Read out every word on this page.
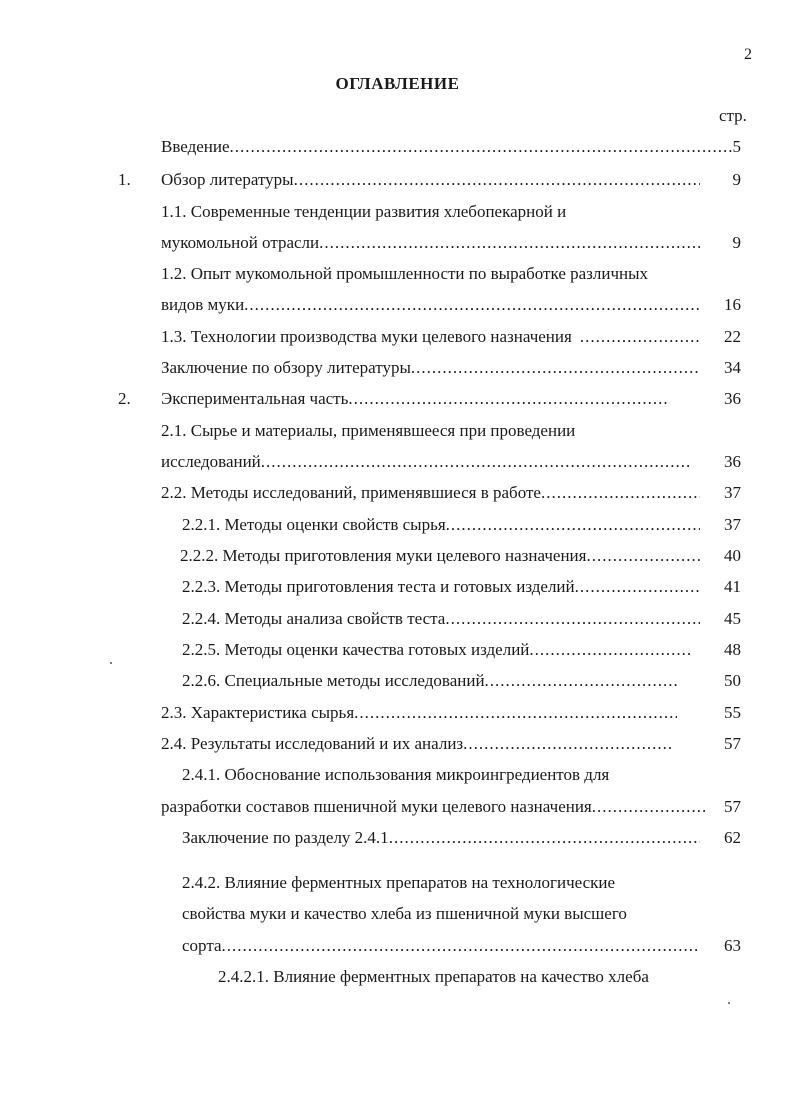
2
ОГЛАВЛЕНИЕ
стр.
Введение .....	5
1. Обзор литературы .....	9
1.1. Современные тенденции развития хлебопекарной и
мукомольной отрасли .....	9
1.2. Опыт мукомольной промышленности по выработке различных
видов муки .....	16
1.3. Технологии производства муки целевого назначения .....	22
Заключение по обзору литературы .....	34
2. Экспериментальная часть .....	36
2.1. Сырье и материалы, применявшееся при проведении
исследований .....	36
2.2. Методы исследований, применявшиеся в работе .....	37
2.2.1. Методы оценки свойств сырья .....	37
2.2.2. Методы приготовления муки целевого назначения .....	40
2.2.3. Методы приготовления теста и готовых изделий .....	41
2.2.4. Методы анализа свойств теста .....	45
2.2.5. Методы оценки качества готовых изделий .....	48
2.2.6. Специальные методы исследований .....	50
2.3. Характеристика сырья .....	55
2.4. Результаты исследований и их анализ .....	57
2.4.1. Обоснование использования микроингредиентов для
разработки составов пшеничной муки целевого назначения .....	57
Заключение по разделу 2.4.1 .....	62
2.4.2. Влияние ферментных препаратов на технологические
свойства муки и качество хлеба из пшеничной муки высшего
сорта .....	63
2.4.2.1. Влияние ферментных препаратов на качество хлеба
